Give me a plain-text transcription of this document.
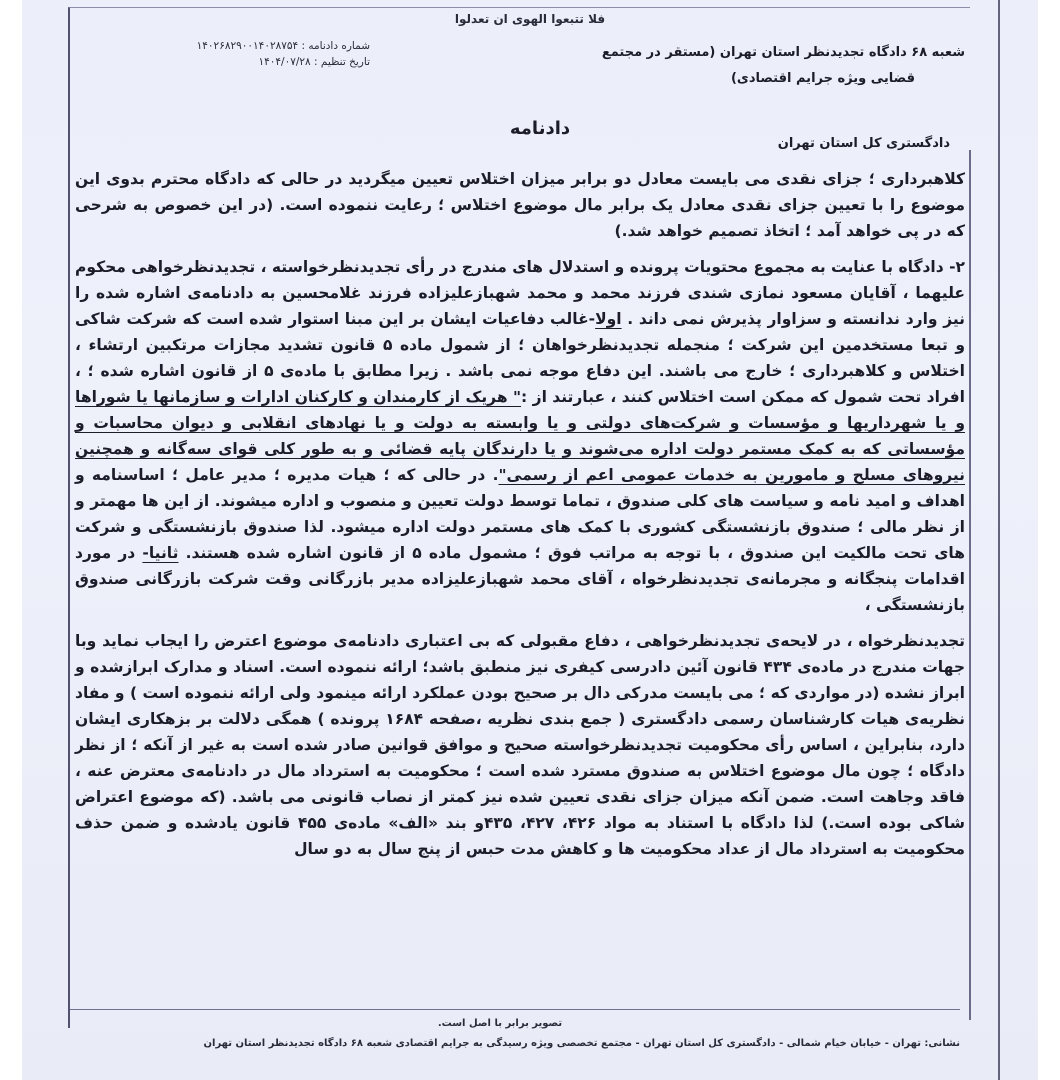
فلا تتبعوا الهوی ان تعدلوا
شعبه ۶۸ دادگاه تجدیدنظر استان تهران (مستقر در مجتمع
قضایی ویژه جرایم اقتصادی)
شماره دادنامه : ۱۴۰۲۶۸۲۹۰۰۱۴۰۲۸۷۵۴
تاریخ تنظیم : ۱۴۰۴/۰۷/۲۸
دادنامه
دادگستری کل استان تهران

کلاهبرداری ؛ جزای نقدی می بایست معادل دو برابر میزان اختلاس تعیین میگردید در حالی که دادگاه محترم بدوی این موضوع را با تعیین جزای نقدی معادل یک برابر مال موضوع اختلاس ؛ رعایت ننموده است. (در این خصوص به شرحی که در پی خواهد آمد ؛ اتخاذ تصمیم خواهد شد.)

۲- دادگاه با عنایت به مجموع محتویات پرونده و استدلال های مندرج در رأی تجدیدنظرخواسته ، تجدیدنظرخواهی محکوم علیهما ، آقایان مسعود نمازی شندی فرزند محمد و محمد شهبازعلیزاده فرزند غلامحسین به دادنامه‌ی اشاره شده را نیز وارد ندانسته و سزاوار پذیرش نمی داند . اولا-غالب دفاعیات ایشان بر این مبنا استوار شده است که شرکت شاکی و تبعا مستخدمین این شرکت ؛ منجمله تجدیدنظرخواهان ؛ از شمول ماده ۵ قانون تشدید مجازات مرتکبین ارتشاء ، اختلاس و کلاهبرداری ؛ خارج می باشند. این دفاع موجه نمی باشد . زیرا مطابق با ماده‌ی ۵ از قانون اشاره شده ؛ ، افراد تحت شمول که ممکن است اختلاس کنند ، عبارتند از :" هریک از کارمندان و کارکنان ادارات و سازمانها یا شوراها و یا شهرداریها و مؤسسات و شرکت‌های دولتی و یا وابسته به دولت و یا نهادهای انقلابی و دیوان محاسبات و مؤسساتی که به کمک مستمر دولت اداره می‌شوند و یا دارندگان پایه قضائی و به طور کلی قوای سه‌گانه و همچنین نیروهای مسلح و مامورین به خدمات عمومی اعم از رسمی". در حالی که ؛ هیات مدیره ؛ مدیر عامل ؛ اساسنامه و اهداف و امید نامه و سیاست های کلی صندوق ، تماما توسط دولت تعیین و منصوب و اداره میشوند. از این ها مهمتر و از نظر مالی ؛ صندوق بازنشستگی کشوری با کمک های مستمر دولت اداره میشود. لذا صندوق بازنشستگی و شرکت های تحت مالکیت این صندوق ، با توجه به مراتب فوق ؛ مشمول ماده ۵ از قانون اشاره شده هستند. ثانیا- در مورد اقدامات پنجگانه و مجرمانه‌ی تجدیدنظرخواه ، آقای محمد شهبازعلیزاده مدیر بازرگانی وقت شرکت بازرگانی صندوق بازنشستگی ،

تجدیدنظرخواه ، در لایحه‌ی تجدیدنظرخواهی ، دفاع مقبولی که بی اعتباری دادنامه‌ی موضوع اعترض را ایجاب نماید وبا جهات مندرج در ماده‌ی ۴۳۴ قانون آئین دادرسی کیفری نیز منطبق باشد؛ ارائه ننموده است. اسناد و مدارک ابرازشده و ابراز نشده (در مواردی که ؛ می بایست مدرکی دال بر صحیح بودن عملکرد ارائه مینمود ولی ارائه ننموده است ) و مفاد نظریه‌ی هیات کارشناسان رسمی دادگستری ( جمع بندی نظریه ،صفحه ۱۶۸۴ پرونده ) همگی دلالت بر بزهکاری ایشان دارد، بنابراین ، اساس رأی محکومیت تجدیدنظرخواسته صحیح و موافق قوانین صادر شده است به غیر از آنکه ؛ از نظر دادگاه ؛ چون مال موضوع اختلاس به صندوق مسترد شده است ؛ محکومیت به استرداد مال در دادنامه‌ی معترض عنه ، فاقد وجاهت است. ضمن آنکه میزان جزای نقدی تعیین شده نیز کمتر از نصاب قانونی می باشد. (که موضوع اعتراض شاکی بوده است.) لذا دادگاه با استناد به مواد ۴۲۶، ۴۲۷، ۴۳۵و بند «الف» ماده‌ی ۴۵۵ قانون یادشده و ضمن حذف محکومیت به استرداد مال از عداد محکومیت ها و کاهش مدت حبس از پنج سال به دو سال

تصویر برابر با اصل است.
نشانی: تهران - خیابان خیام شمالی - دادگستری کل استان تهران - مجتمع تخصصی ویژه رسیدگی به جرایم اقتصادی شعبه ۶۸ دادگاه تجدیدنظر استان تهران
